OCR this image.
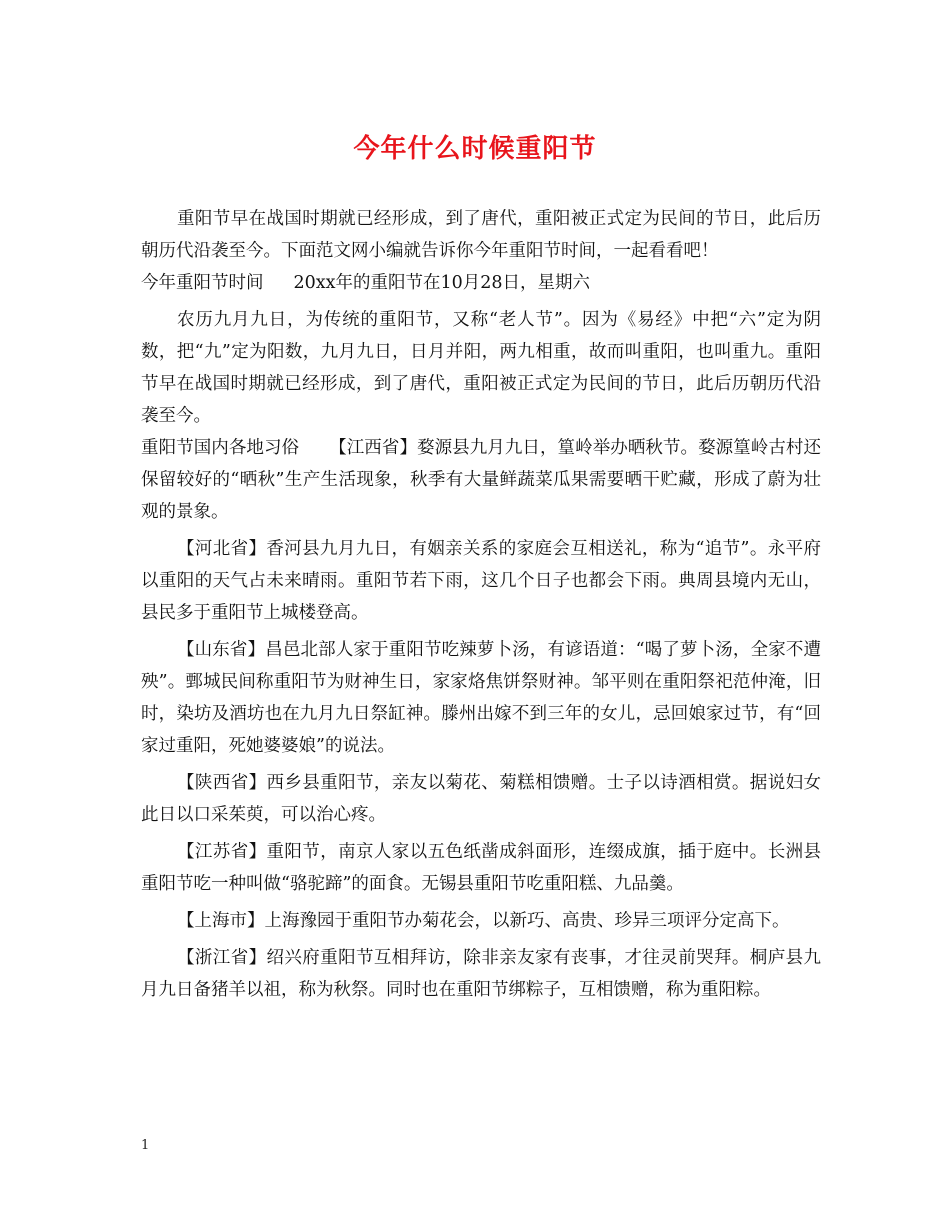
今年什么时候重阳节

重阳节早在战国时期就已经形成，到了唐代，重阳被正式定为民间的节日，此后历朝历代沿袭至今。下面范文网小编就告诉你今年重阳节时间，一起看看吧！

今年重阳节时间 20xx年的重阳节在10月28日，星期六

农历九月九日，为传统的重阳节，又称“老人节”。因为《易经》中把“六”定为阴数，把“九”定为阳数，九月九日，日月并阳，两九相重，故而叫重阳，也叫重九。重阳节早在战国时期就已经形成，到了唐代，重阳被正式定为民间的节日，此后历朝历代沿袭至今。

重阳节国内各地习俗 【江西省】婺源县九月九日，篁岭举办晒秋节。婺源篁岭古村还保留较好的“晒秋”生产生活现象，秋季有大量鲜蔬菜瓜果需要晒干贮藏，形成了蔚为壮观的景象。

【河北省】香河县九月九日，有姻亲关系的家庭会互相送礼，称为“追节”。永平府以重阳的天气占未来晴雨。重阳节若下雨，这几个日子也都会下雨。典周县境内无山，县民多于重阳节上城楼登高。

【山东省】昌邑北部人家于重阳节吃辣萝卜汤，有谚语道：“喝了萝卜汤，全家不遭殃”。鄄城民间称重阳节为财神生日，家家烙焦饼祭财神。邹平则在重阳祭祀范仲淹，旧时，染坊及酒坊也在九月九日祭缸神。滕州出嫁不到三年的女儿，忌回娘家过节，有“回家过重阳，死她婆婆娘”的说法。

【陕西省】西乡县重阳节，亲友以菊花、菊糕相馈赠。士子以诗酒相赏。据说妇女此日以口采茱萸，可以治心疼。

【江苏省】重阳节，南京人家以五色纸凿成斜面形，连缀成旗，插于庭中。长洲县重阳节吃一种叫做“骆驼蹄”的面食。无锡县重阳节吃重阳糕、九品羹。

【上海市】上海豫园于重阳节办菊花会，以新巧、高贵、珍异三项评分定高下。

【浙江省】绍兴府重阳节互相拜访，除非亲友家有丧事，才往灵前哭拜。桐庐县九月九日备猪羊以祖，称为秋祭。同时也在重阳节绑粽子，互相馈赠，称为重阳粽。

1
